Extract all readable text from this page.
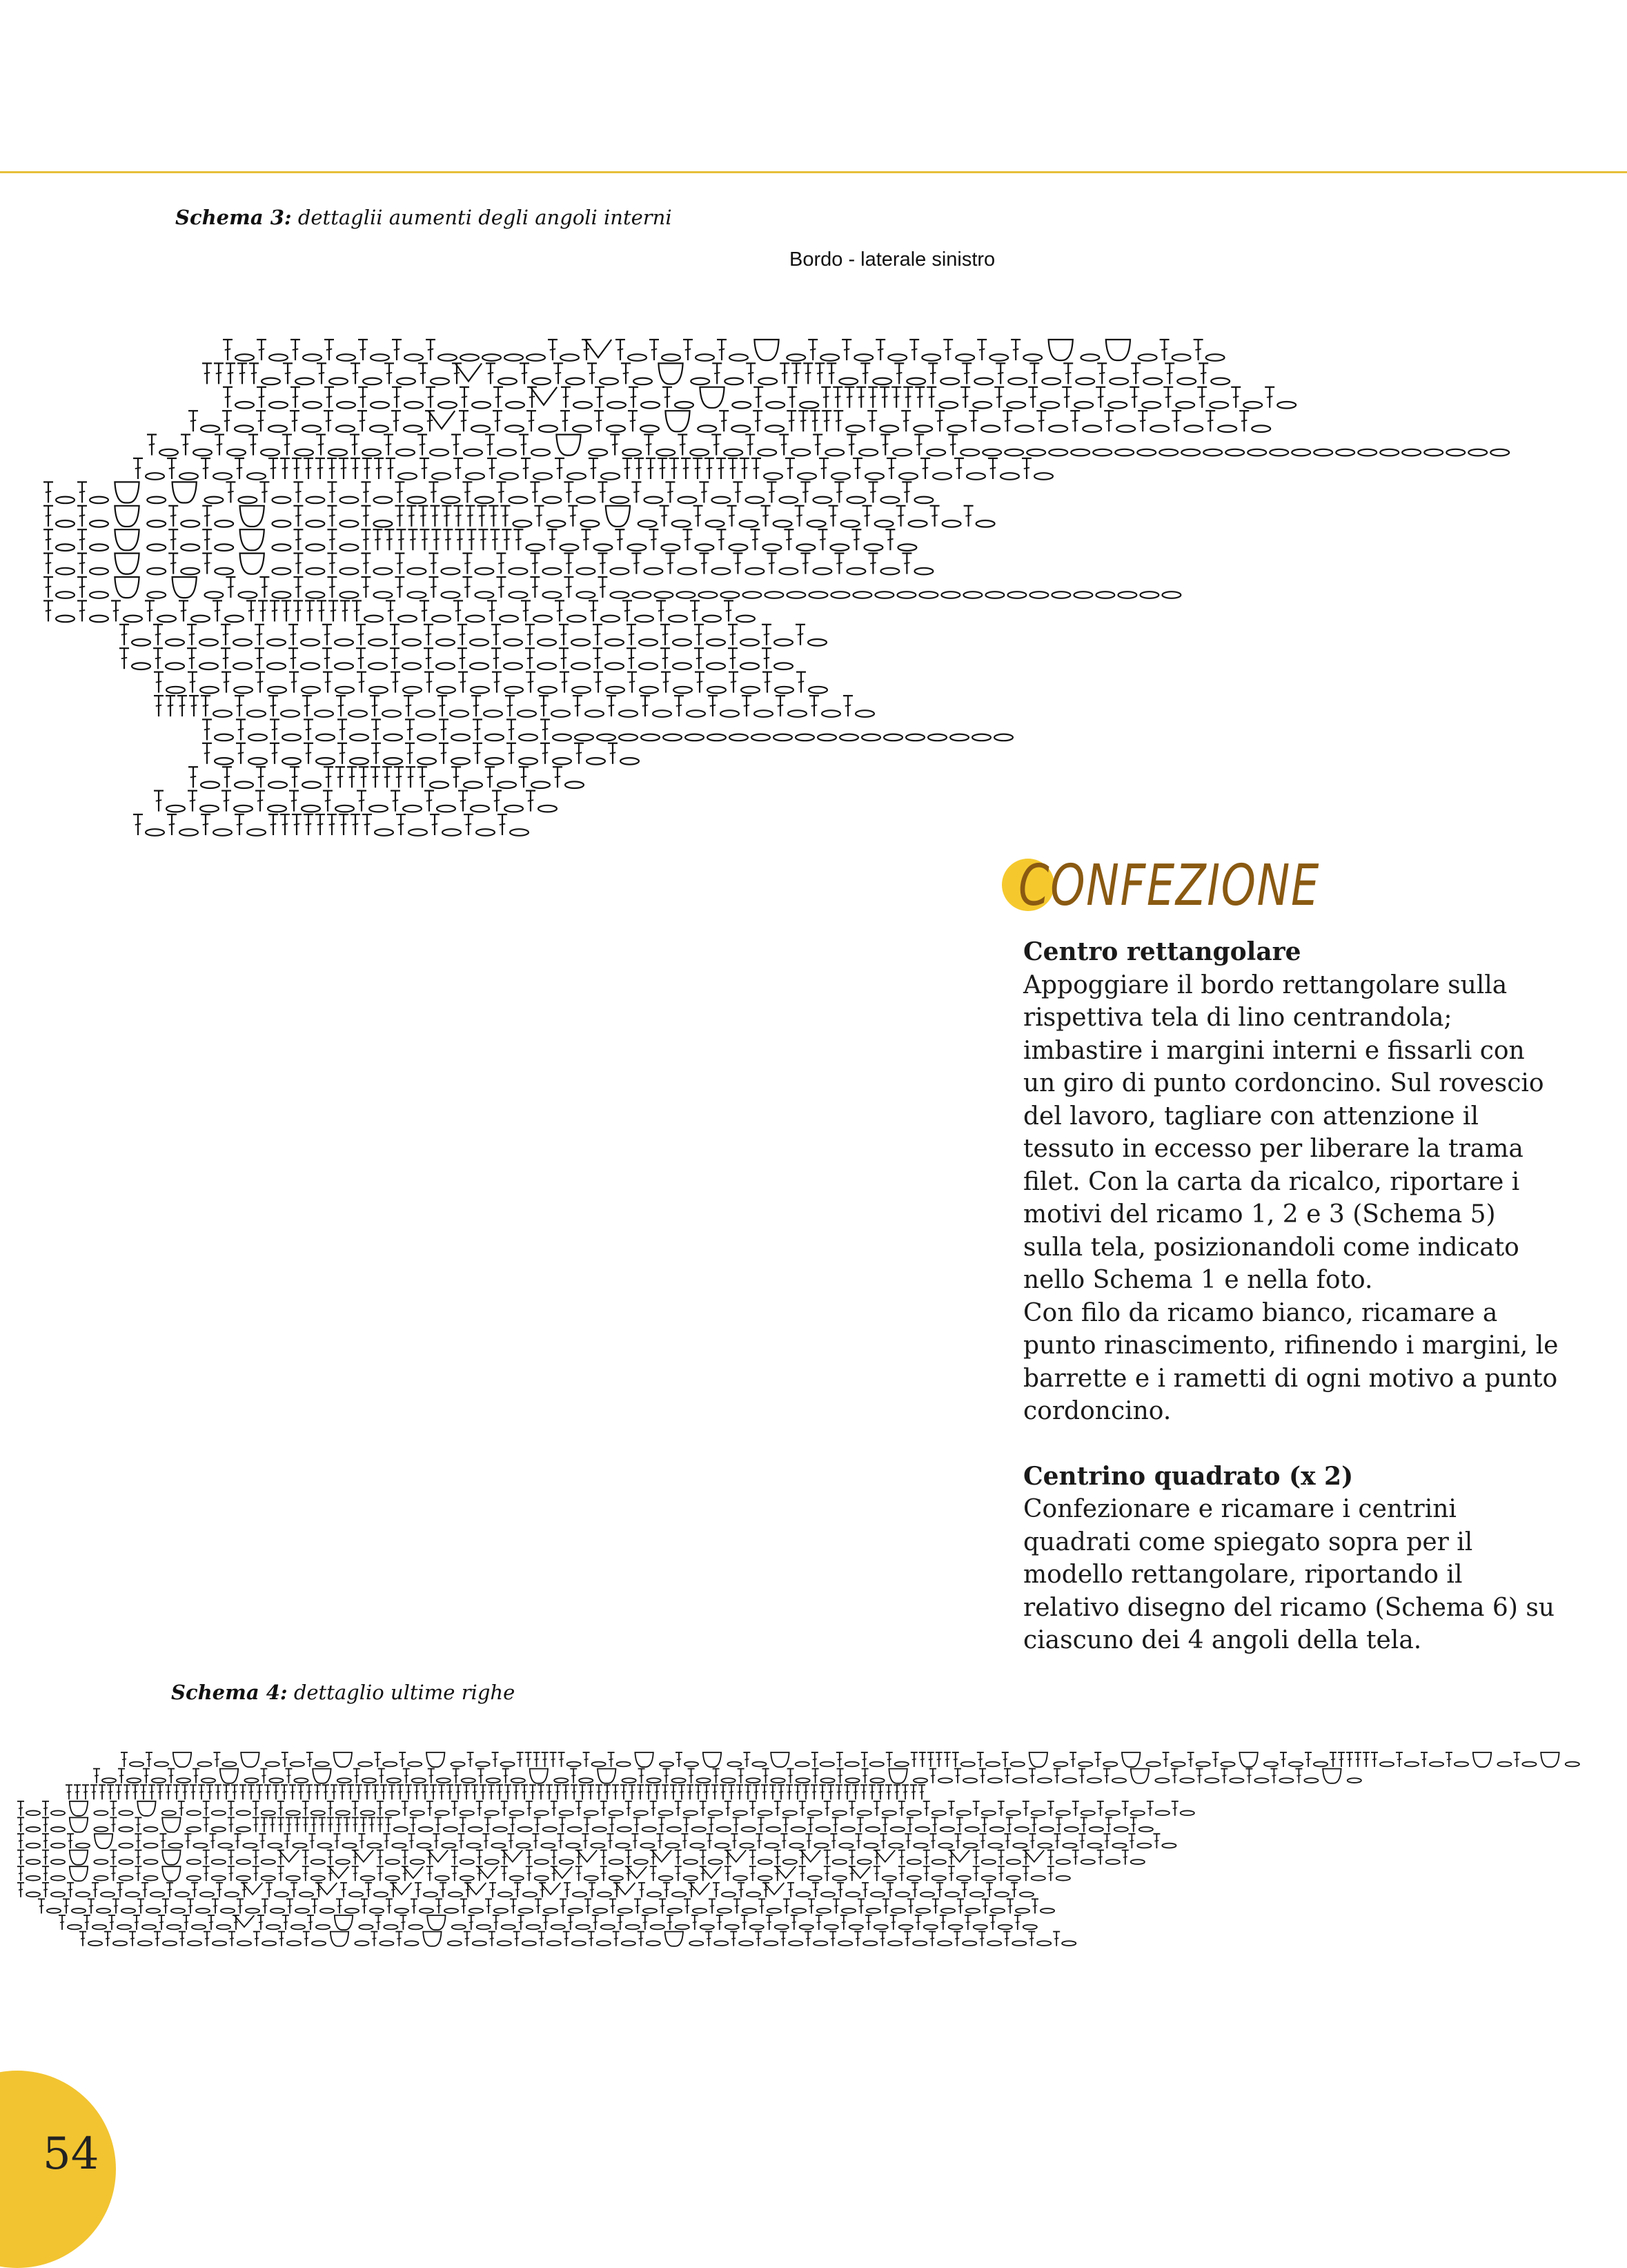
Schema 3: dettaglii aumenti degli angoli interni
Bordo - laterale sinistro
CONFEZIONE
Centro rettangolare

Appoggiare il bordo rettangolare sulla rispettiva tela di lino centrandola; imbastire i margini interni e fissarli con un giro di punto cordoncino. Sul rovescio del lavoro, tagliare con attenzione il tessuto in eccesso per liberare la trama filet. Con la carta da ricalco, riportare i motivi del ricamo 1, 2 e 3 (Schema 5) sulla tela, posizionandoli come indicato nello Schema 1 e nella foto.

Con filo da ricamo bianco, ricamare a punto rinascimento, rifinendo i margini, le barrette e i rametti di ogni motivo a punto cordoncino.

Centrino quadrato (x 2)

Confezionare e ricamare i centrini quadrati come spiegato sopra per il modello rettangolare, riportando il relativo disegno del ricamo (Schema 6) su ciascuno dei 4 angoli della tela.

Schema 4: dettaglio ultime righe
54
